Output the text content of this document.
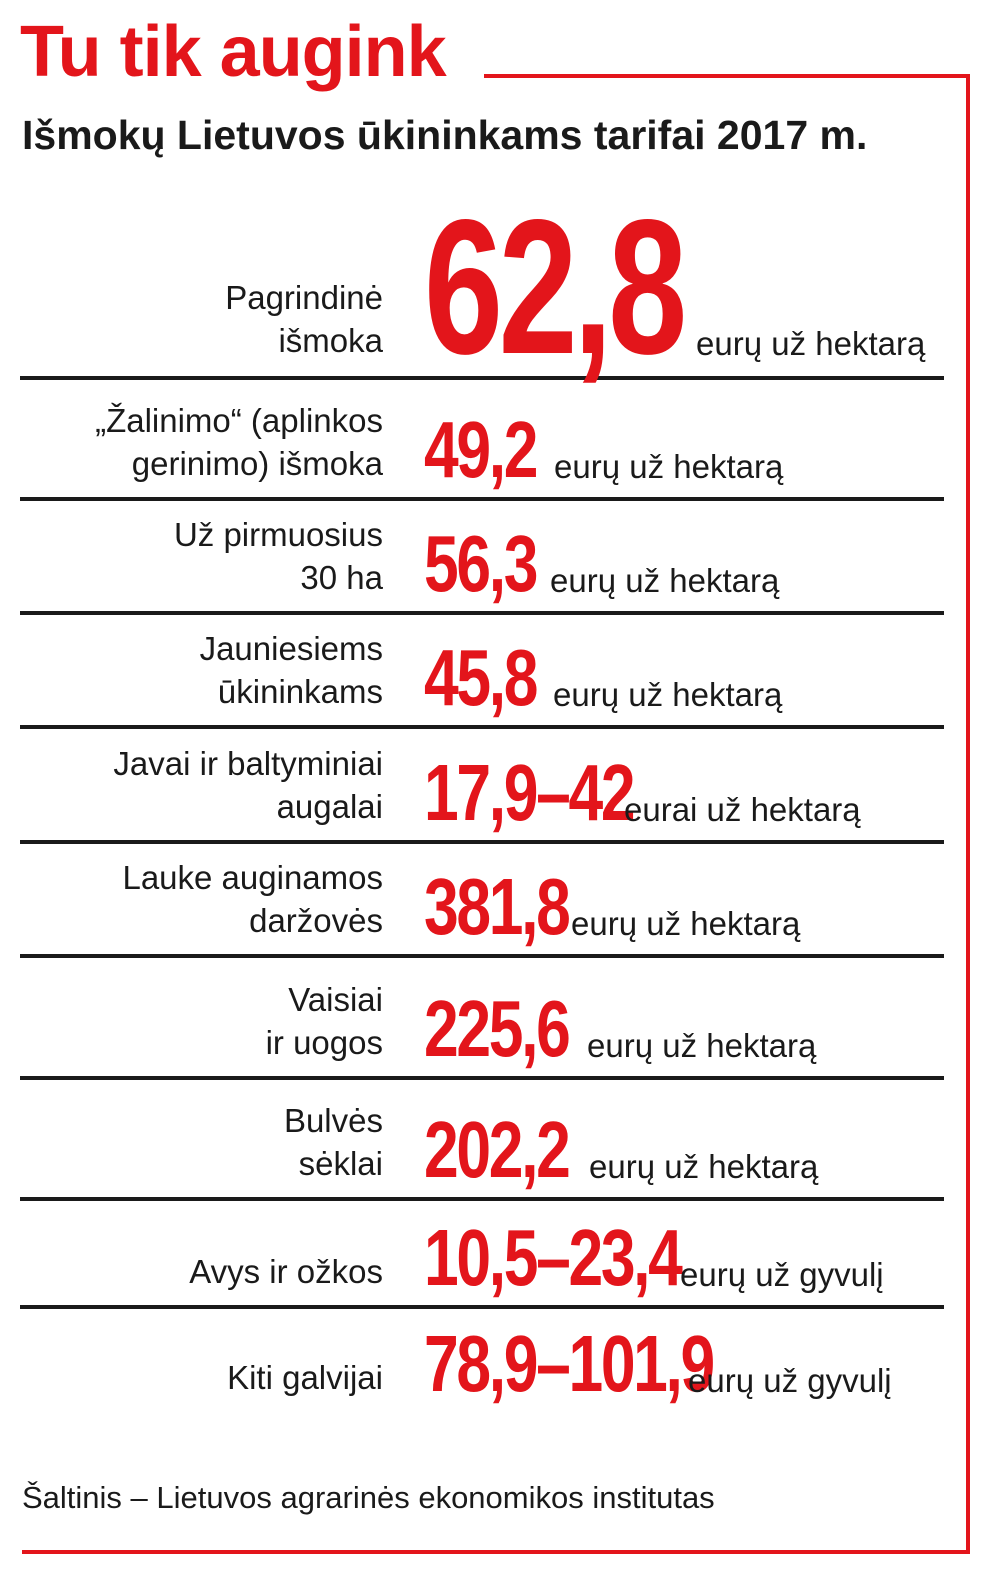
Tu tik augink
Išmokų Lietuvos ūkininkams tarifai 2017 m.
Pagrindinė
išmoka 62,8 eurų už hektarą
„Žalinimo“ (aplinkos
gerinimo) išmoka 49,2 eurų už hektarą
Už pirmuosius
30 ha 56,3 eurų už hektarą
Jauniesiems
ūkininkams 45,8 eurų už hektarą
Javai ir baltyminiai
augalai 17,9–42
eurai už hektarą
Lauke auginamos
daržovės 381,8 eurų už hektarą
Vaisiai
ir uogos 225,6 eurų už hektarą
Bulvės
sėklai 202,2 eurų už hektarą
Avys ir ožkos 10,5–23,4 eurų už gyvulį
Kiti galvijai 78,9–101,9
eurų už gyvulį

Šaltinis – Lietuvos agrarinės ekonomikos institutas
